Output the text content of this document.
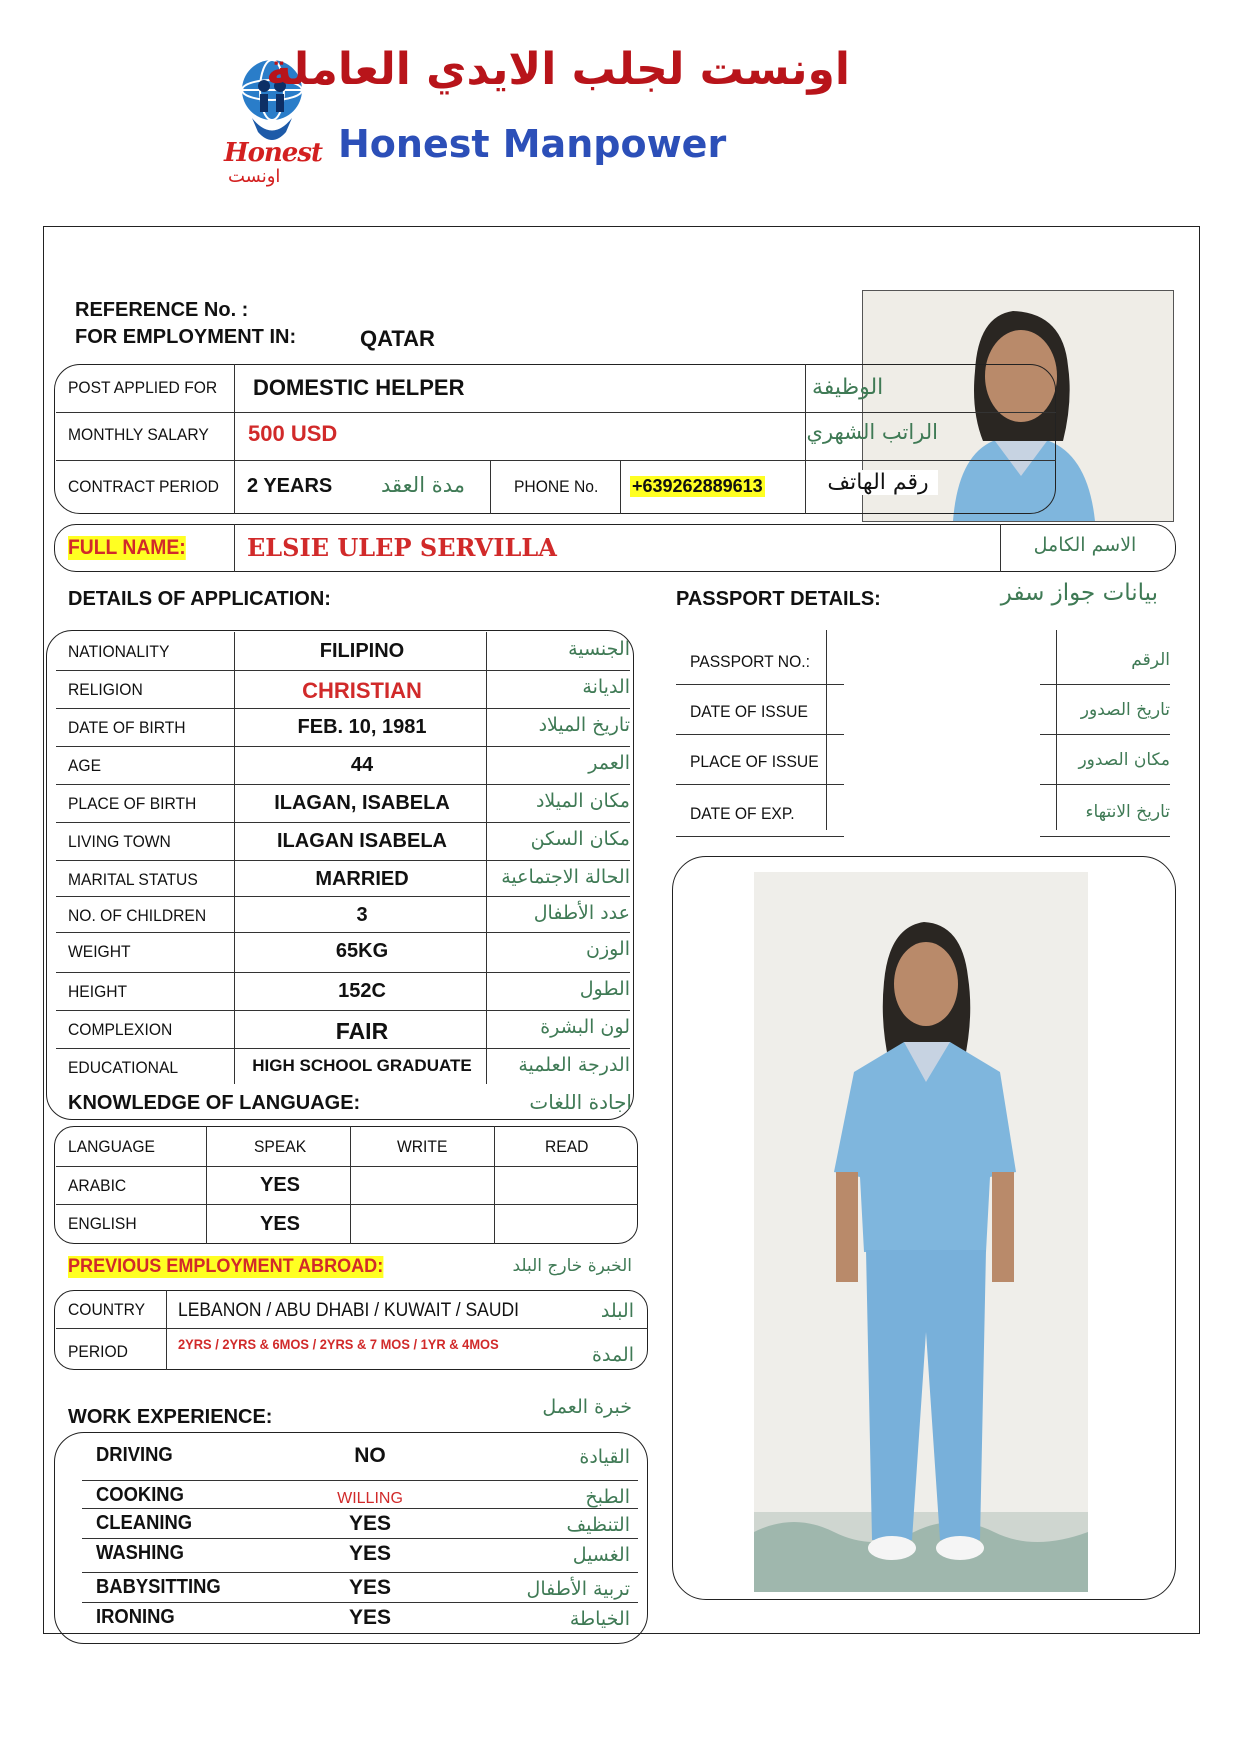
Honest
اونست
اونست لجلب الايدي العاملة
Honest Manpower
REFERENCE No. :
FOR EMPLOYMENT IN:	QATAR
POST APPLIED FOR DOMESTIC HELPER	الوظيفة
MONTHLY SALARY 500 USD	الراتب الشهري
CONTRACT PERIOD 2 YEARS	مدة العقد	PHONE No. +639262889613	رقم الهاتف
FULL NAME:	ELSIE ULEP SERVILLA	الاسم الكامل
DETAILS OF APPLICATION:
NATIONALITY	FILIPINO	الجنسية
RELIGION	CHRISTIAN	الديانة
DATE OF BIRTH	FEB. 10, 1981	تاريخ الميلاد
AGE	44	العمر
PLACE OF BIRTH	ILAGAN, ISABELA	مكان الميلاد
LIVING TOWN	ILAGAN ISABELA	مكان السكن
MARITAL STATUS	MARRIED	الحالة الاجتماعية
NO. OF CHILDREN	3	عدد الأطفال
WEIGHT	65KG	الوزن
HEIGHT	152C	الطول
COMPLEXION	FAIR	لون البشرة
EDUCATIONAL	HIGH SCHOOL GRADUATE	الدرجة العلمية
PASSPORT DETAILS:	بيانات جواز سفر
PASSPORT NO.:	الرقم
DATE OF ISSUE	تاريخ الصدور
PLACE OF ISSUE	مكان الصدور
DATE OF EXP.	تاريخ الانتهاء
KNOWLEDGE OF LANGUAGE:	اجادة اللغات
LANGUAGE	SPEAK	WRITE	READ
ARABIC	YES
ENGLISH	YES
PREVIOUS EMPLOYMENT ABROAD:	الخبرة خارج البلد
COUNTRY LEBANON / ABU DHABI / KUWAIT / SAUDI	البلد
PERIOD	2YRS / 2YRS & 6MOS / 2YRS & 7 MOS / 1YR & 4MOS	المدة
WORK EXPERIENCE:	خبرة العمل
DRIVING	NO	القيادة
COOKING	WILLING	الطبخ
CLEANING	YES	التنظيف
WASHING	YES	الغسيل
BABYSITTING	YES	تربية الأطفال
IRONING	YES	الخياطة
